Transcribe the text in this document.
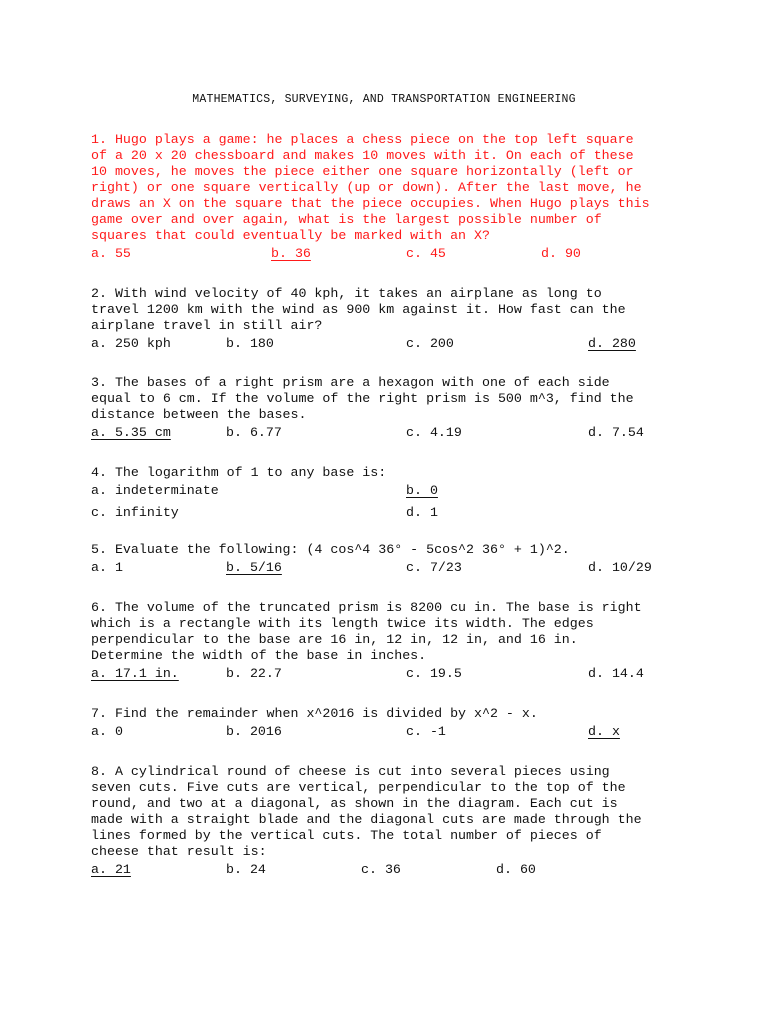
MATHEMATICS, SURVEYING, AND TRANSPORTATION ENGINEERING
1. Hugo plays a game: he places a chess piece on the top left square
of a 20 x 20 chessboard and makes 10 moves with it. On each of these
10 moves, he moves the piece either one square horizontally (left or
right) or one square vertically (up or down). After the last move, he
draws an X on the square that the piece occupies. When Hugo plays this
game over and over again, what is the largest possible number of
squares that could eventually be marked with an X?
a. 55	b. 36	c. 45	d. 90
2. With wind velocity of 40 kph, it takes an airplane as long to
travel 1200 km with the wind as 900 km against it. How fast can the
airplane travel in still air?
a. 250 kph	b. 180	c. 200	d. 280
3. The bases of a right prism are a hexagon with one of each side
equal to 6 cm. If the volume of the right prism is 500 m^3, find the
distance between the bases.
a. 5.35 cm	b. 6.77	c. 4.19	d. 7.54
4. The logarithm of 1 to any base is:
a. indeterminate	b. 0
c. infinity	d. 1
5. Evaluate the following: (4 cos^4 36° - 5cos^2 36° + 1)^2.
a. 1	b. 5/16	c. 7/23	d. 10/29
6. The volume of the truncated prism is 8200 cu in. The base is right
which is a rectangle with its length twice its width. The edges
perpendicular to the base are 16 in, 12 in, 12 in, and 16 in.
Determine the width of the base in inches.
a. 17.1 in.	b. 22.7	c. 19.5	d. 14.4
7. Find the remainder when x^2016 is divided by x^2 - x.
a. 0	b. 2016	c. -1	d. x
8. A cylindrical round of cheese is cut into several pieces using
seven cuts. Five cuts are vertical, perpendicular to the top of the
round, and two at a diagonal, as shown in the diagram. Each cut is
made with a straight blade and the diagonal cuts are made through the
lines formed by the vertical cuts. The total number of pieces of
cheese that result is:
a. 21	b. 24	c. 36	d. 60
